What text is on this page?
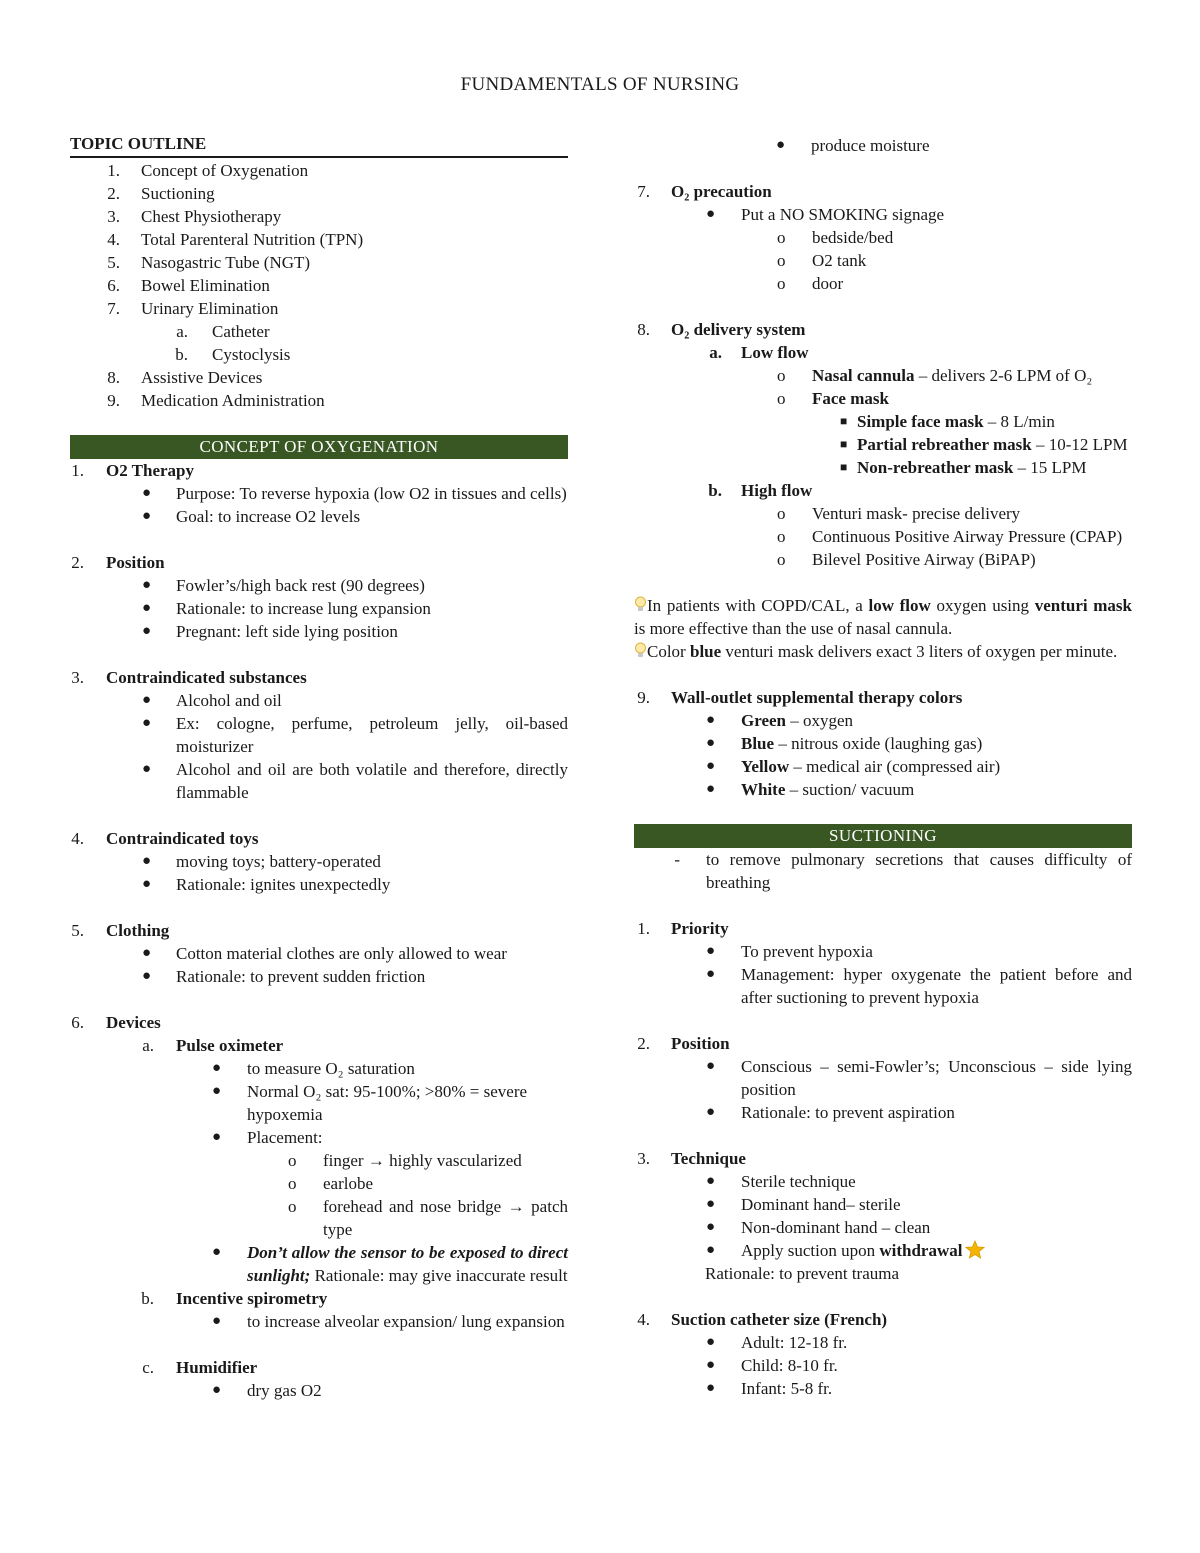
FUNDAMENTALS OF NURSING
TOPIC OUTLINE
1. Concept of Oxygenation
2. Suctioning
3. Chest Physiotherapy
4. Total Parenteral Nutrition (TPN)
5. Nasogastric Tube (NGT)
6. Bowel Elimination
7. Urinary Elimination
a. Catheter
b. Cystoclysis
8. Assistive Devices
9. Medication Administration
CONCEPT OF OXYGENATION
1. O2 Therapy
● Purpose: To reverse hypoxia (low O2 in tissues and cells)
● Goal: to increase O2 levels
2. Position
● Fowler’s/high back rest (90 degrees)
● Rationale: to increase lung expansion
● Pregnant: left side lying position
3. Contraindicated substances
● Alcohol and oil
● Ex: cologne, perfume, petroleum jelly, oil-based moisturizer
● Alcohol and oil are both volatile and therefore, directly flammable
4. Contraindicated toys
● moving toys; battery-operated
● Rationale: ignites unexpectedly
5. Clothing
● Cotton material clothes are only allowed to wear
● Rationale: to prevent sudden friction
6. Devices
a. Pulse oximeter
● to measure O₂ saturation
● Normal O₂ sat: 95-100%; >80% = severe hypoxemia
● Placement:
o finger → highly vascularized
o earlobe
o forehead and nose bridge → patch type
● Don’t allow the sensor to be exposed to direct sunlight; Rationale: may give inaccurate result
b. Incentive spirometry
● to increase alveolar expansion/ lung expansion
c. Humidifier
● dry gas O2
● produce moisture
7. O₂ precaution
● Put a NO SMOKING signage
o bedside/bed
o O2 tank
o door
8. O₂ delivery system
a. Low flow
o Nasal cannula – delivers 2-6 LPM of O₂
o Face mask
■ Simple face mask – 8 L/min
■ Partial rebreather mask – 10-12 LPM
■ Non-rebreather mask – 15 LPM
b. High flow
o Venturi mask- precise delivery
o Continuous Positive Airway Pressure (CPAP)
o Bilevel Positive Airway (BiPAP)
In patients with COPD/CAL, a low flow oxygen using venturi mask is more effective than the use of nasal cannula.
Color blue venturi mask delivers exact 3 liters of oxygen per minute.
9. Wall-outlet supplemental therapy colors
● Green – oxygen
● Blue – nitrous oxide (laughing gas)
● Yellow – medical air (compressed air)
● White – suction/ vacuum
SUCTIONING
- to remove pulmonary secretions that causes difficulty of breathing
1. Priority
● To prevent hypoxia
● Management: hyper oxygenate the patient before and after suctioning to prevent hypoxia
2. Position
● Conscious – semi-Fowler’s; Unconscious – side lying position
● Rationale: to prevent aspiration
3. Technique
● Sterile technique
● Dominant hand– sterile
● Non-dominant hand – clean
● Apply suction upon withdrawal
Rationale: to prevent trauma
4. Suction catheter size (French)
● Adult: 12-18 fr.
● Child: 8-10 fr.
● Infant: 5-8 fr.
